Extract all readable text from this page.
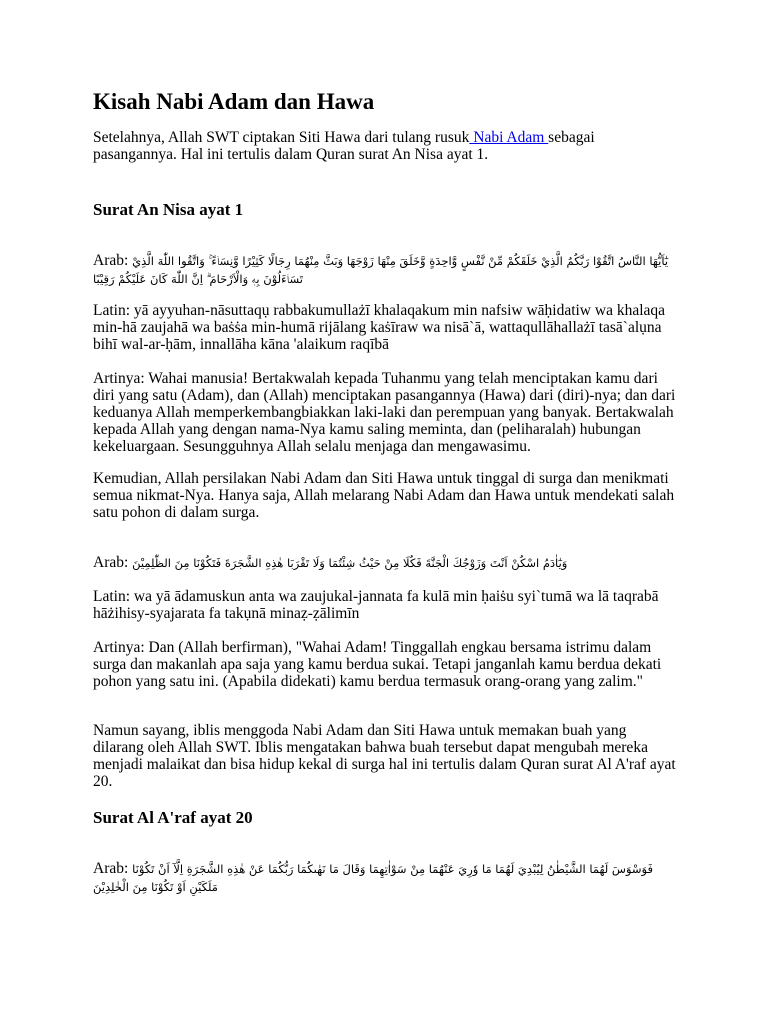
Kisah Nabi Adam dan Hawa

Setelahnya, Allah SWT ciptakan Siti Hawa dari tulang rusuk Nabi Adam sebagai pasangannya. Hal ini tertulis dalam Quran surat An Nisa ayat 1.

Surat An Nisa ayat 1

Arab: يٰٓاَيُّهَا النَّاسُ اتَّقُوْا رَبَّكُمُ الَّذِيْ خَلَقَكُمْ مِّنْ نَّفْسٍ وَّاحِدَةٍ وَّخَلَقَ مِنْهَا زَوْجَهَا وَبَثَّ مِنْهُمَا رِجَالًا كَثِيْرًا وَّنِسَاۤءً ۚ وَاتَّقُوا اللّٰهَ الَّذِيْ تَسَاۤءَلُوْنَ بِهٖ وَالْاَرْحَامَ ۗ اِنَّ اللّٰهَ كَانَ عَلَيْكُمْ رَقِيْبًا

Latin: yā ayyuhan-nāsuttaqụ rabbakumullażī khalaqakum min nafsiw wāḥidatiw wa khalaqa min-hā zaujahā wa baṡṡa min-humā rijālang kaṡīraw wa nisā`ā, wattaqullāhallażī tasā`alụna bihī wal-ar-ḥām, innallāha kāna 'alaikum raqībā

Artinya: Wahai manusia! Bertakwalah kepada Tuhanmu yang telah menciptakan kamu dari diri yang satu (Adam), dan (Allah) menciptakan pasangannya (Hawa) dari (diri)-nya; dan dari keduanya Allah memperkembangbiakkan laki-laki dan perempuan yang banyak. Bertakwalah kepada Allah yang dengan nama-Nya kamu saling meminta, dan (peliharalah) hubungan kekeluargaan. Sesungguhnya Allah selalu menjaga dan mengawasimu.

Kemudian, Allah persilakan Nabi Adam dan Siti Hawa untuk tinggal di surga dan menikmati semua nikmat-Nya. Hanya saja, Allah melarang Nabi Adam dan Hawa untuk mendekati salah satu pohon di dalam surga.

Arab: وَيٰٓاٰدَمُ اسْكُنْ اَنْتَ وَزَوْجُكَ الْجَنَّةَ فَكُلَا مِنْ حَيْثُ شِئْتُمَا وَلَا تَقْرَبَا هٰذِهِ الشَّجَرَةَ فَتَكُوْنَا مِنَ الظّٰلِمِيْنَ

Latin: wa yā ādamuskun anta wa zaujukal-jannata fa kulā min ḥaiṡu syi`tumā wa lā taqrabā hāżihisy-syajarata fa takụnā minaẓ-ẓālimīn

Artinya: Dan (Allah berfirman), "Wahai Adam! Tinggallah engkau bersama istrimu dalam surga dan makanlah apa saja yang kamu berdua sukai. Tetapi janganlah kamu berdua dekati pohon yang satu ini. (Apabila didekati) kamu berdua termasuk orang-orang yang zalim."

Namun sayang, iblis menggoda Nabi Adam dan Siti Hawa untuk memakan buah yang dilarang oleh Allah SWT. Iblis mengatakan bahwa buah tersebut dapat mengubah mereka menjadi malaikat dan bisa hidup kekal di surga hal ini tertulis dalam Quran surat Al A'raf ayat 20.

Surat Al A'raf ayat 20

Arab: فَوَسْوَسَ لَهُمَا الشَّيْطٰنُ لِيُبْدِيَ لَهُمَا مَا وٗرِيَ عَنْهُمَا مِنْ سَوْاٰتِهِمَا وَقَالَ مَا نَهٰىكُمَا رَبُّكُمَا عَنْ هٰذِهِ الشَّجَرَةِ اِلَّآ اَنْ تَكُوْنَا مَلَكَيْنِ اَوْ تَكُوْنَا مِنَ الْخٰلِدِيْنَ
